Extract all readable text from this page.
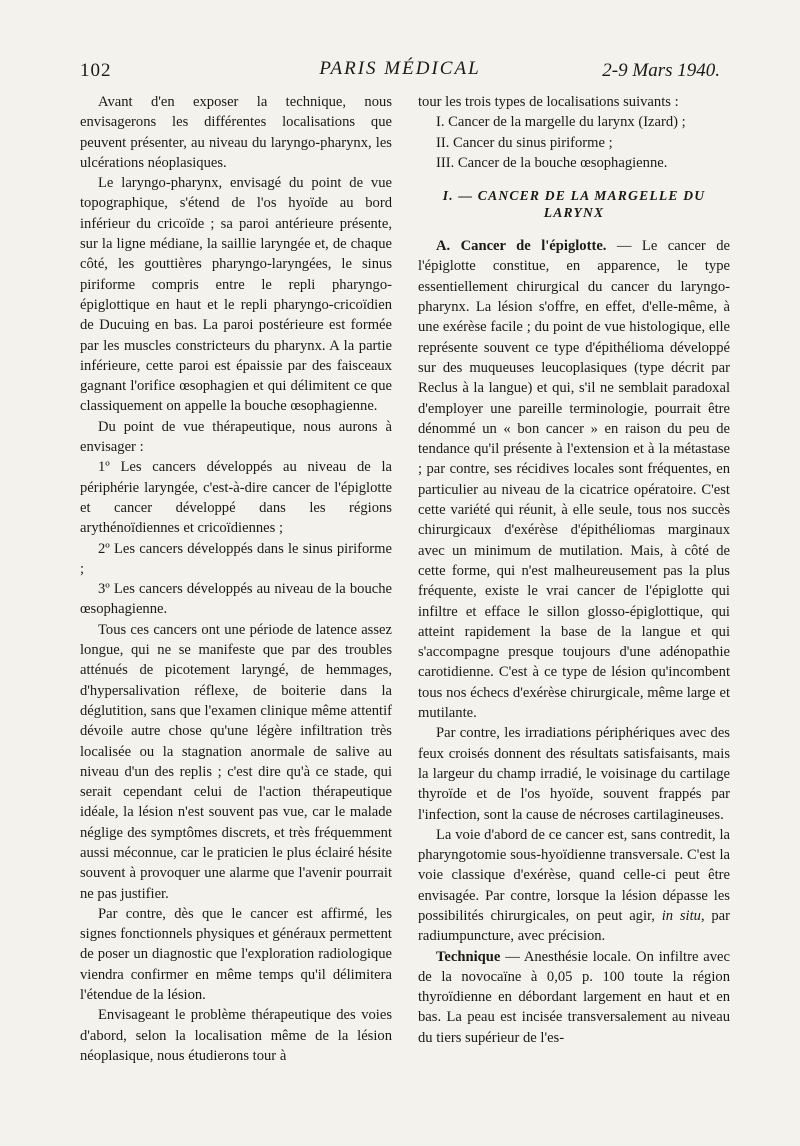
102	PARIS MÉDICAL	2-9 Mars 1940.

Avant d'en exposer la technique, nous envisagerons les différentes localisations que peuvent présenter, au niveau du laryngo-pharynx, les ulcérations néoplasiques.

Le laryngo-pharynx, envisagé du point de vue topographique, s'étend de l'os hyoïde au bord inférieur du cricoïde ; sa paroi antérieure présente, sur la ligne médiane, la saillie laryngée et, de chaque côté, les gouttières pharyngo-laryngées, le sinus piriforme compris entre le repli pharyngo-épiglottique en haut et le repli pharyngo-cricoïdien de Ducuing en bas. La paroi postérieure est formée par les muscles constricteurs du pharynx. A la partie inférieure, cette paroi est épaissie par des faisceaux gagnant l'orifice œsophagien et qui délimitent ce que classiquement on appelle la bouche œsophagienne.

Du point de vue thérapeutique, nous aurons à envisager :

1º Les cancers développés au niveau de la périphérie laryngée, c'est-à-dire cancer de l'épiglotte et cancer développé dans les régions arythénoïdiennes et cricoïdiennes ;

2º Les cancers développés dans le sinus piriforme ;

3º Les cancers développés au niveau de la bouche œsophagienne.

Tous ces cancers ont une période de latence assez longue, qui ne se manifeste que par des troubles atténués de picotement laryngé, de hemmages, d'hypersalivation réflexe, de boiterie dans la déglutition, sans que l'examen clinique même attentif dévoile autre chose qu'une légère infiltration très localisée ou la stagnation anormale de salive au niveau d'un des replis ; c'est dire qu'à ce stade, qui serait cependant celui de l'action thérapeutique idéale, la lésion n'est souvent pas vue, car le malade néglige des symptômes discrets, et très fréquemment aussi méconnue, car le praticien le plus éclairé hésite souvent à provoquer une alarme que l'avenir pourrait ne pas justifier.

Par contre, dès que le cancer est affirmé, les signes fonctionnels physiques et généraux permettent de poser un diagnostic que l'exploration radiologique viendra confirmer en même temps qu'il délimitera l'étendue de la lésion.

Envisageant le problème thérapeutique des voies d'abord, selon la localisation même de la lésion néoplasique, nous étudierons tour à

tour les trois types de localisations suivants :

I. Cancer de la margelle du larynx (Izard) ;

II. Cancer du sinus piriforme ;

III. Cancer de la bouche œsophagienne.

I. — CANCER DE LA MARGELLE DU LARYNX

A. Cancer de l'épiglotte. — Le cancer de l'épiglotte constitue, en apparence, le type essentiellement chirurgical du cancer du laryngo-pharynx. La lésion s'offre, en effet, d'elle-même, à une exérèse facile ; du point de vue histologique, elle représente souvent ce type d'épithélioma développé sur des muqueuses leucoplasiques (type décrit par Reclus à la langue) et qui, s'il ne semblait paradoxal d'employer une pareille terminologie, pourrait être dénommé un « bon cancer » en raison du peu de tendance qu'il présente à l'extension et à la métastase ; par contre, ses récidives locales sont fréquentes, en particulier au niveau de la cicatrice opératoire. C'est cette variété qui réunit, à elle seule, tous nos succès chirurgicaux d'exérèse d'épithéliomas marginaux avec un minimum de mutilation. Mais, à côté de cette forme, qui n'est malheureusement pas la plus fréquente, existe le vrai cancer de l'épiglotte qui infiltre et efface le sillon glosso-épiglottique, qui atteint rapidement la base de la langue et qui s'accompagne presque toujours d'une adénopathie carotidienne. C'est à ce type de lésion qu'incombent tous nos échecs d'exérèse chirurgicale, même large et mutilante.

Par contre, les irradiations périphériques avec des feux croisés donnent des résultats satisfaisants, mais la largeur du champ irradié, le voisinage du cartilage thyroïde et de l'os hyoïde, souvent frappés par l'infection, sont la cause de nécroses cartilagineuses.

La voie d'abord de ce cancer est, sans contredit, la pharyngotomie sous-hyoïdienne transversale. C'est la voie classique d'exérèse, quand celle-ci peut être envisagée. Par contre, lorsque la lésion dépasse les possibilités chirurgicales, on peut agir, in situ, par radiumpuncture, avec précision.

Technique — Anesthésie locale. On infiltre avec de la novocaïne à 0,05 p. 100 toute la région thyroïdienne en débordant largement en haut et en bas. La peau est incisée transversalement au niveau du tiers supérieur de l'es-
